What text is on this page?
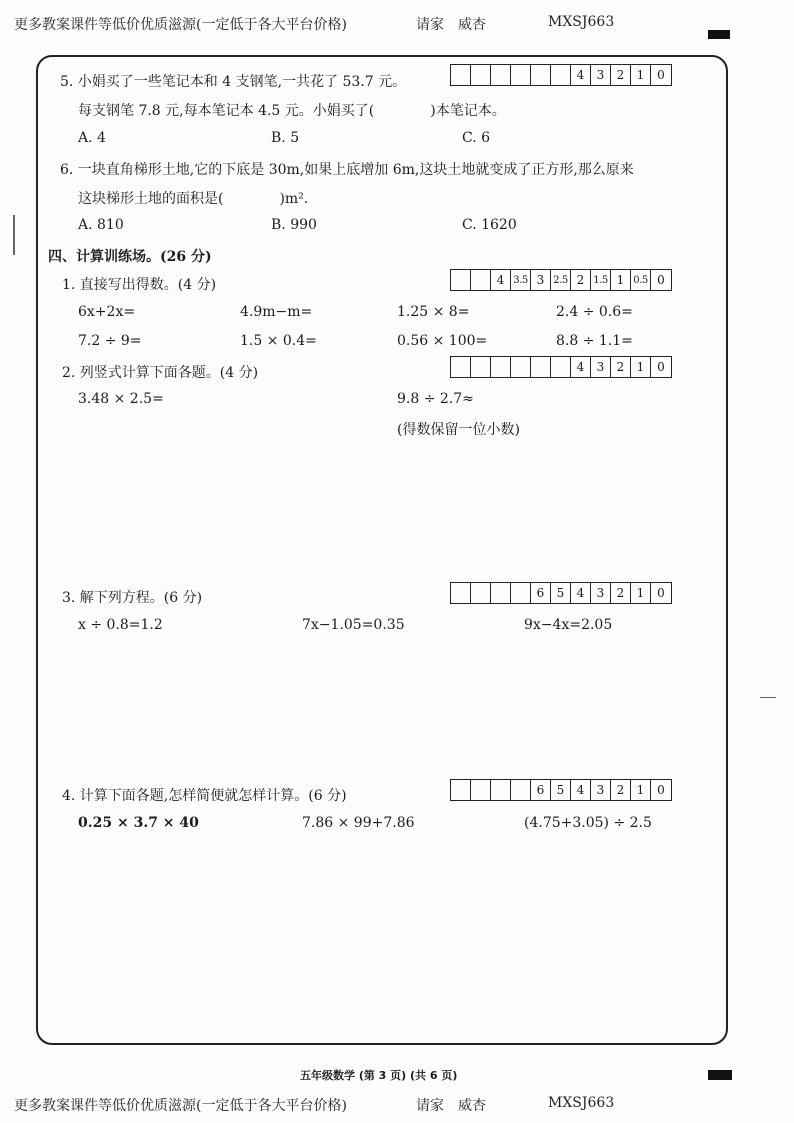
更多教案课件等低价优质滋源(一定低于各大平台价格)	请家　威杏	MXSJ663
5. 小娟买了一些笔记本和 4 支钢笔,一共花了 53.7 元。	4	3	2	1	0
每支钢笔 7.8 元,每本笔记本 4.5 元。小娟买了(　　　　)本笔记本。
A. 4	B. 5	C. 6
6. 一块直角梯形土地,它的下底是 30m,如果上底增加 6m,这块土地就变成了正方形,那么原来
这块梯形土地的面积是(　　　　)m².
A. 810	B. 990	C. 1620
四、计算训练场。(26 分)
1. 直接写出得数。(4 分)	4 3.5 3 2.5 2 1.5 1 0.5 0
6x+2x=	4.9m−m=	1.25 × 8=	2.4 ÷ 0.6=
7.2 ÷ 9=	1.5 × 0.4=	0.56 × 100=	8.8 ÷ 1.1=
2. 列竖式计算下面各题。(4 分)	4	3	2	1	0
3.48 × 2.5=	9.8 ÷ 2.7≈
(得数保留一位小数)
3. 解下列方程。(6 分)	6	5	4	3	2	1	0
x ÷ 0.8=1.2	7x−1.05=0.35	9x−4x=2.05
4. 计算下面各题,怎样简便就怎样计算。(6 分)	6	5	4	3	2	1	0
0.25 × 3.7 × 40	7.86 × 99+7.86	(4.75+3.05) ÷ 2.5
五年级数学 (第 3 页) (共 6 页)
更多教案课件等低价优质滋源(一定低于各大平台价格)	请家　威杏	MXSJ663
